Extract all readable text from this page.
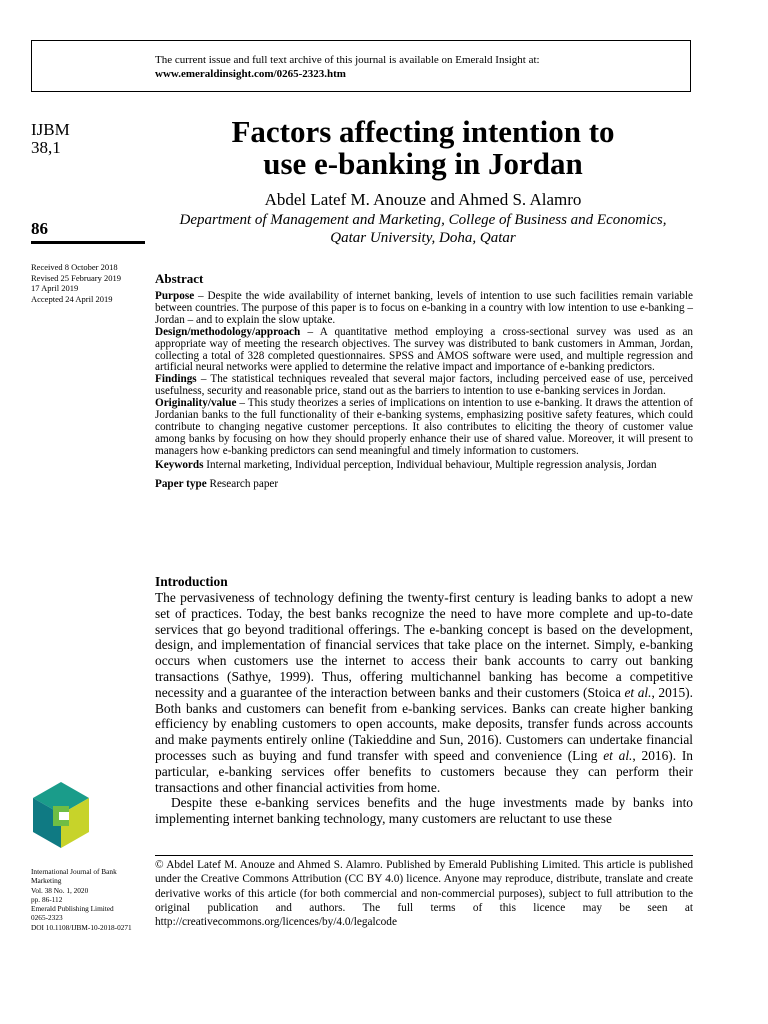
The current issue and full text archive of this journal is available on Emerald Insight at:
www.emeraldinsight.com/0265-2323.htm
IJBM
38,1
86
Received 8 October 2018
Revised 25 February 2019
17 April 2019
Accepted 24 April 2019
Factors affecting intention to
use e-banking in Jordan
Abdel Latef M. Anouze and Ahmed S. Alamro
Department of Management and Marketing, College of Business and Economics,
Qatar University, Doha, Qatar
Abstract

Purpose – Despite the wide availability of internet banking, levels of intention to use such facilities remain variable between countries. The purpose of this paper is to focus on e-banking in a country with low intention to use e-banking – Jordan – and to explain the slow uptake.

Design/methodology/approach – A quantitative method employing a cross-sectional survey was used as an appropriate way of meeting the research objectives. The survey was distributed to bank customers in Amman, Jordan, collecting a total of 328 completed questionnaires. SPSS and AMOS software were used, and multiple regression and artificial neural networks were applied to determine the relative impact and importance of e-banking predictors.

Findings – The statistical techniques revealed that several major factors, including perceived ease of use, perceived usefulness, security and reasonable price, stand out as the barriers to intention to use e-banking services in Jordan.

Originality/value – This study theorizes a series of implications on intention to use e-banking. It draws the attention of Jordanian banks to the full functionality of their e-banking systems, emphasizing positive safety features, which could contribute to changing negative customer perceptions. It also contributes to eliciting the theory of customer value among banks by focusing on how they should properly enhance their use of shared value. Moreover, it will present to managers how e-banking predictors can send meaningful and timely information to customers.

Keywords Internal marketing, Individual perception, Individual behaviour, Multiple regression analysis, Jordan

Paper type Research paper

Introduction

The pervasiveness of technology defining the twenty-first century is leading banks to adopt a new set of practices. Today, the best banks recognize the need to have more complete and up-to-date services that go beyond traditional offerings. The e-banking concept is based on the development, design, and implementation of financial services that take place on the internet. Simply, e-banking occurs when customers use the internet to access their bank accounts to carry out banking transactions (Sathye, 1999). Thus, offering multichannel banking has become a competitive necessity and a guarantee of the interaction between banks and their customers (Stoica et al., 2015). Both banks and customers can benefit from e-banking services. Banks can create higher banking efficiency by enabling customers to open accounts, make deposits, transfer funds across accounts and make payments entirely online (Takieddine and Sun, 2016). Customers can undertake financial processes such as buying and fund transfer with speed and convenience (Ling et al., 2016). In particular, e-banking services offer benefits to customers because they can perform their transactions and other financial activities from home.

Despite these e-banking services benefits and the huge investments made by banks into implementing internet banking technology, many customers are reluctant to use these

International Journal of Bank
Marketing
Vol. 38 No. 1, 2020
pp. 86-112
Emerald Publishing Limited
0265-2323
DOI 10.1108/IJBM-10-2018-0271
© Abdel Latef M. Anouze and Ahmed S. Alamro. Published by Emerald Publishing Limited. This article is published under the Creative Commons Attribution (CC BY 4.0) licence. Anyone may reproduce, distribute, translate and create derivative works of this article (for both commercial and non-commercial purposes), subject to full attribution to the original publication and authors. The full terms of this licence may be seen at http://creativecommons.org/licences/by/4.0/legalcode
